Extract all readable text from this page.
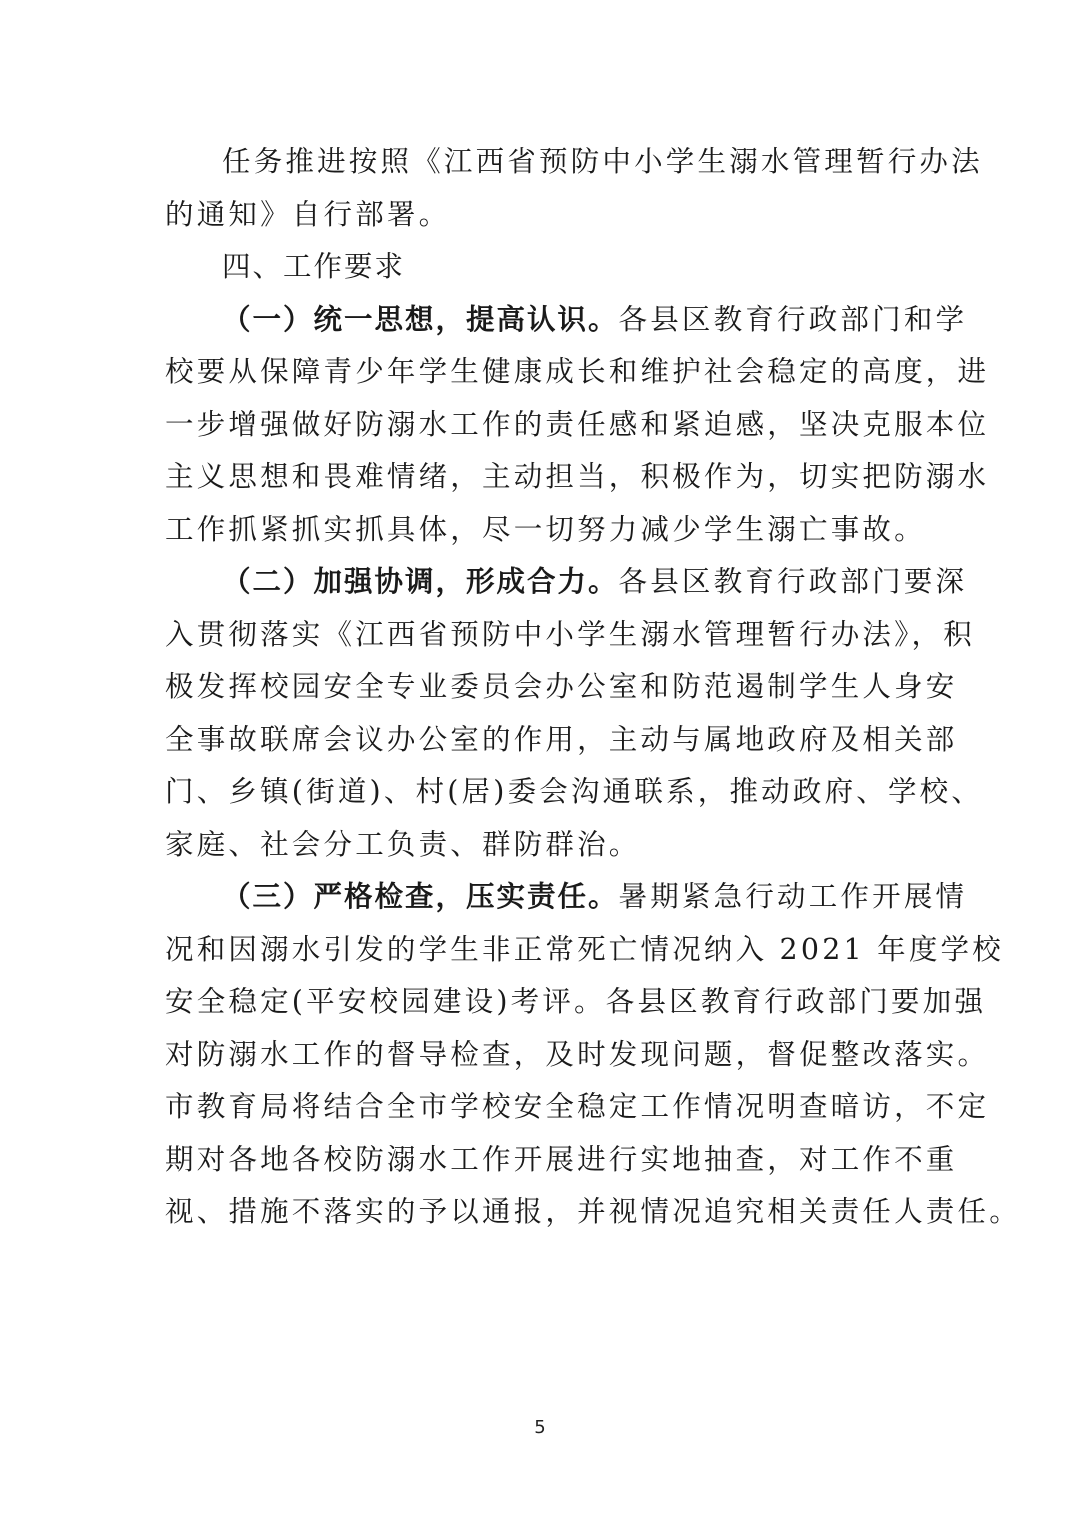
任务推进按照《江西省预防中小学生溺水管理暂行办法
的通知》自行部署。
四、工作要求
（一）统一思想，提高认识。各县区教育行政部门和学
校要从保障青少年学生健康成长和维护社会稳定的高度，进
一步增强做好防溺水工作的责任感和紧迫感，坚决克服本位
主义思想和畏难情绪，主动担当，积极作为，切实把防溺水
工作抓紧抓实抓具体，尽一切努力减少学生溺亡事故。
（二）加强协调，形成合力。各县区教育行政部门要深
入贯彻落实《江西省预防中小学生溺水管理暂行办法》，积
极发挥校园安全专业委员会办公室和防范遏制学生人身安
全事故联席会议办公室的作用，主动与属地政府及相关部
门、乡镇(街道)、村(居)委会沟通联系，推动政府、学校、
家庭、社会分工负责、群防群治。
（三）严格检查，压实责任。暑期紧急行动工作开展情
况和因溺水引发的学生非正常死亡情况纳入 2021 年度学校
安全稳定(平安校园建设)考评。各县区教育行政部门要加强
对防溺水工作的督导检查，及时发现问题，督促整改落实。
市教育局将结合全市学校安全稳定工作情况明查暗访，不定
期对各地各校防溺水工作开展进行实地抽查，对工作不重
视、措施不落实的予以通报，并视情况追究相关责任人责任。
5
